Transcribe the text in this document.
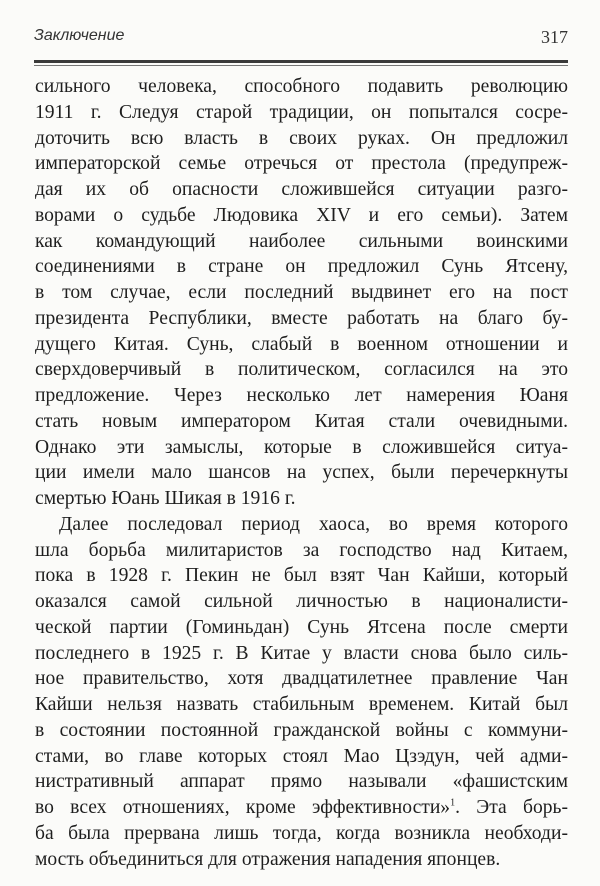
Заключение	317
сильного человека, способного подавить революцию
1911 г. Следуя старой традиции, он попытался сосре-
доточить всю власть в своих руках. Он предложил
императорской семье отречься от престола (предупреж-
дая их об опасности сложившейся ситуации разго-
ворами о судьбе Людовика XIV и его семьи). Затем
как командующий наиболее сильными воинскими
соединениями в стране он предложил Сунь Ятсену,
в том случае, если последний выдвинет его на пост
президента Республики, вместе работать на благо бу-
дущего Китая. Сунь, слабый в военном отношении и
сверхдоверчивый в политическом, согласился на это
предложение. Через несколько лет намерения Юаня
стать новым императором Китая стали очевидными.
Однако эти замыслы, которые в сложившейся ситуа-
ции имели мало шансов на успех, были перечеркнуты
смертью Юань Шикая в 1916 г.
Далее последовал период хаоса, во время которого
шла борьба милитаристов за господство над Китаем,
пока в 1928 г. Пекин не был взят Чан Кайши, который
оказался самой сильной личностью в националисти-
ческой партии (Гоминьдан) Сунь Ятсена после смерти
последнего в 1925 г. В Китае у власти снова было силь-
ное правительство, хотя двадцатилетнее правление Чан
Кайши нельзя назвать стабильным временем. Китай был
в состоянии постоянной гражданской войны с коммуни-
стами, во главе которых стоял Мао Цзэдун, чей адми-
нистративный аппарат прямо называли «фашистским
во всех отношениях, кроме эффективности»$^1$. Эта борь-
ба была прервана лишь тогда, когда возникла необходи-
мость объединиться для отражения нападения японцев.
